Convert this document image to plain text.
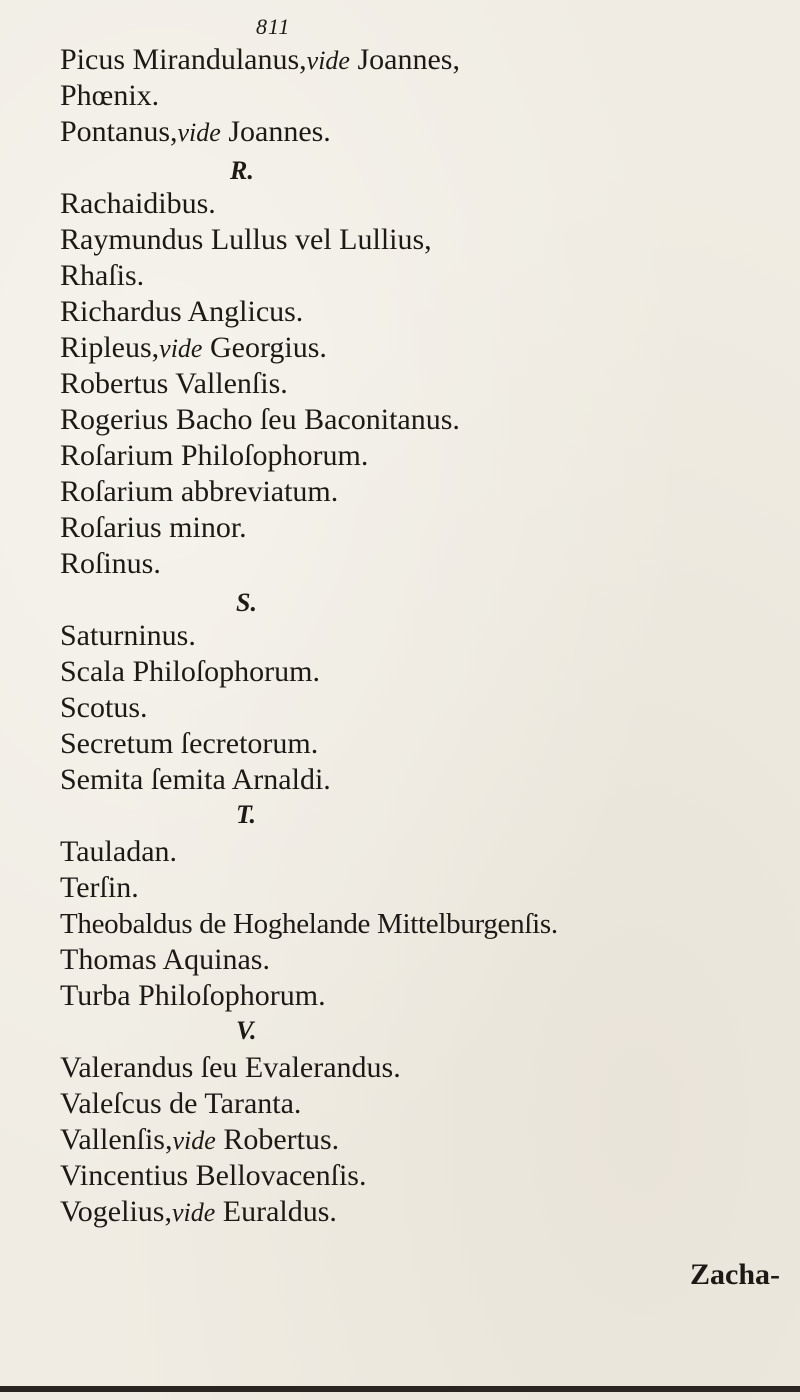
811
Picus Mirandulanus,vide Joannes,
Phœnix.
Pontanus,vide Joannes.
R.
Rachaidibus.
Raymundus Lullus vel Lullius,
Rhaſis.
Richardus Anglicus.
Ripleus,vide Georgius.
Robertus Vallenſis.
Rogerius Bacho ſeu Baconitanus.
Roſarium Philoſophorum.
Roſarium abbreviatum.
Roſarius minor.
Roſinus.
S.
Saturninus.
Scala Philoſophorum.
Scotus.
Secretum ſecretorum.
Semita ſemita Arnaldi.
T.
Tauladan.
Terſin.
Theobaldus de Hoghelande Mittelburgenſis.
Thomas Aquinas.
Turba Philoſophorum.
V.
Valerandus ſeu Evalerandus.
Valeſcus de Taranta.
Vallenſis,vide Robertus.
Vincentius Bellovacenſis.
Vogelius,vide Euraldus.
Zacha-
